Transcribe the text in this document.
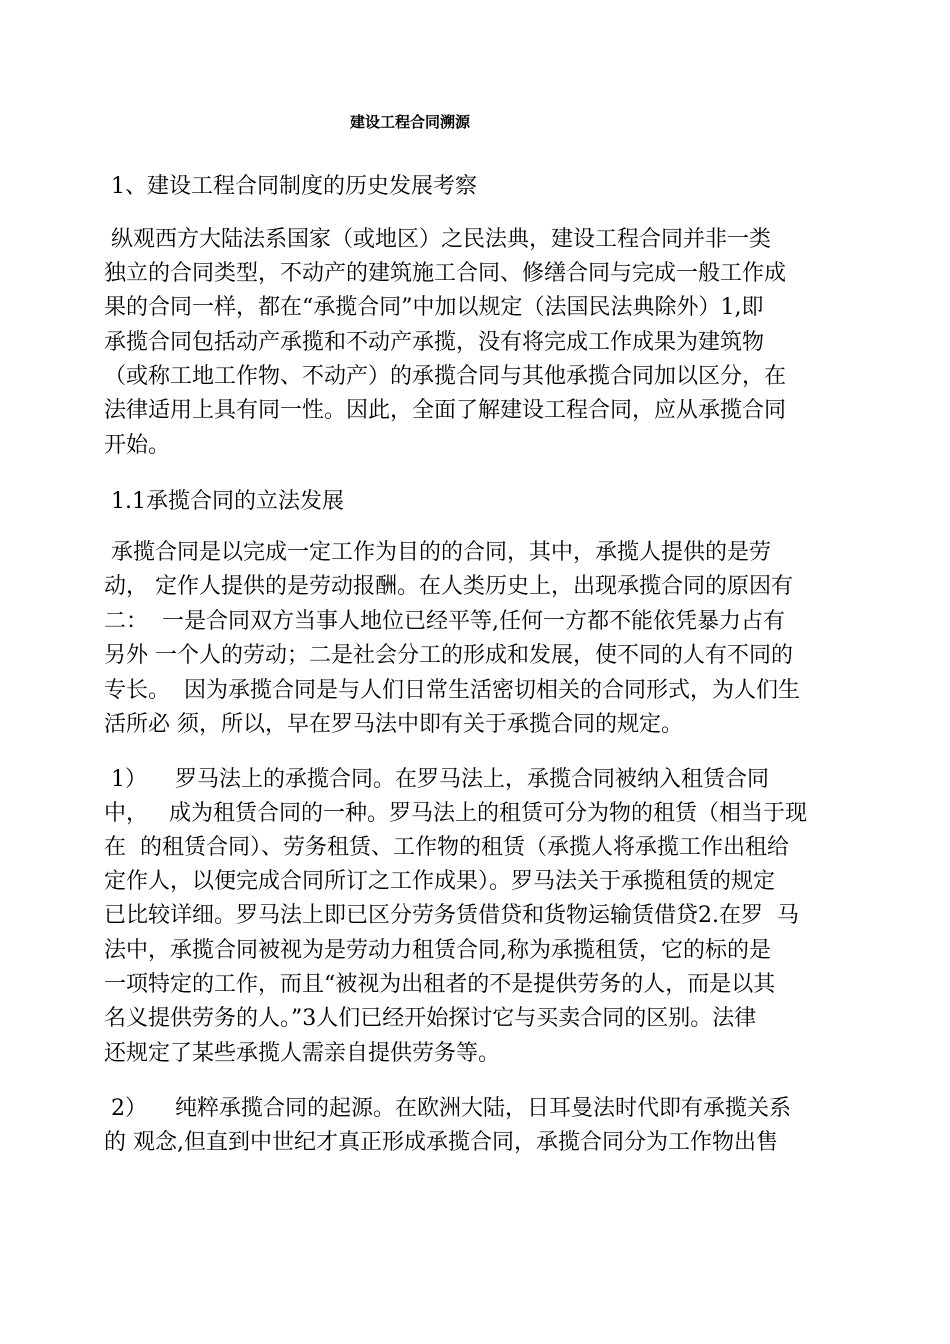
建设工程合同溯源

1、建设工程合同制度的历史发展考察

纵观西方大陆法系国家（或地区）之民法典，建设工程合同并非一类

独立的合同类型，不动产的建筑施工合同、修缮合同与完成一般工作成

果的合同一样，都在“承揽合同”中加以规定（法国民法典除外）1,即

承揽合同包括动产承揽和不动产承揽，没有将完成工作成果为建筑物

（或称工地工作物、不动产）的承揽合同与其他承揽合同加以区分，在

法律适用上具有同一性。因此，全面了解建设工程合同，应从承揽合同

开始。

1.1承揽合同的立法发展

承揽合同是以完成一定工作为目的的合同，其中，承揽人提供的是劳

动， 定作人提供的是劳动报酬。在人类历史上，出现承揽合同的原因有

二：  一是合同双方当事人地位已经平等,任何一方都不能依凭暴力占有

另外 一个人的劳动；二是社会分工的形成和发展，使不同的人有不同的

专长。  因为承揽合同是与人们日常生活密切相关的合同形式，为人们生

活所必 须，所以，早在罗马法中即有关于承揽合同的规定。

1）    罗马法上的承揽合同。在罗马法上，承揽合同被纳入租赁合同

中，   成为租赁合同的一种。罗马法上的租赁可分为物的租赁（相当于现

在  的租赁合同）、劳务租赁、工作物的租赁（承揽人将承揽工作出租给

定作人，以便完成合同所订之工作成果）。罗马法关于承揽租赁的规定

已比较详细。罗马法上即已区分劳务赁借贷和货物运输赁借贷2.在罗  马

法中，承揽合同被视为是劳动力租赁合同,称为承揽租赁，它的标的是

一项特定的工作，而且“被视为出租者的不是提供劳务的人，而是以其

名义提供劳务的人。”3人们已经开始探讨它与买卖合同的区别。法律

还规定了某些承揽人需亲自提供劳务等。

2）    纯粹承揽合同的起源。在欧洲大陆，日耳曼法时代即有承揽关系

的 观念,但直到中世纪才真正形成承揽合同，承揽合同分为工作物出售
